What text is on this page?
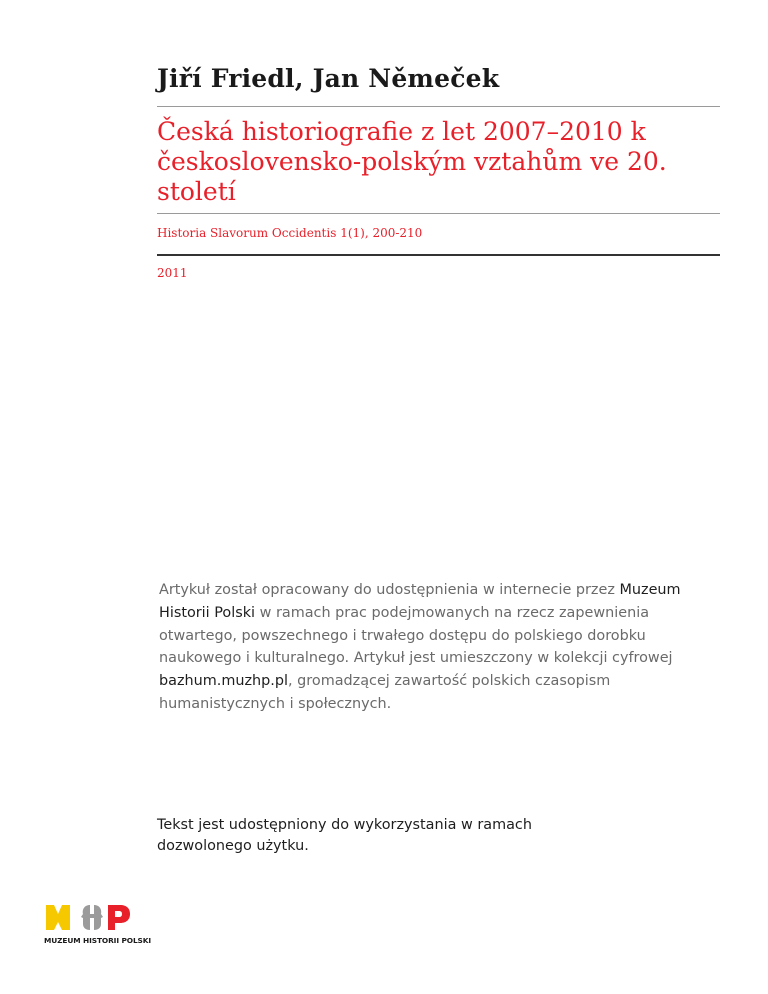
Jiří Friedl, Jan Němeček
Česká historiografie z let 2007–2010 k československo-polským vztahům ve 20. století
Historia Slavorum Occidentis 1(1), 200-210
2011
Artykuł został opracowany do udostępnienia w internecie przez Muzeum Historii Polski w ramach prac podejmowanych na rzecz zapewnienia otwartego, powszechnego i trwałego dostępu do polskiego dorobku naukowego i kulturalnego. Artykuł jest umieszczony w kolekcji cyfrowej bazhum.muzhp.pl, gromadzącej zawartość polskich czasopism humanistycznych i społecznych.
Tekst jest udostępniony do wykorzystania w ramach dozwolonego użytku.
MUZEUM HISTORII POLSKI
